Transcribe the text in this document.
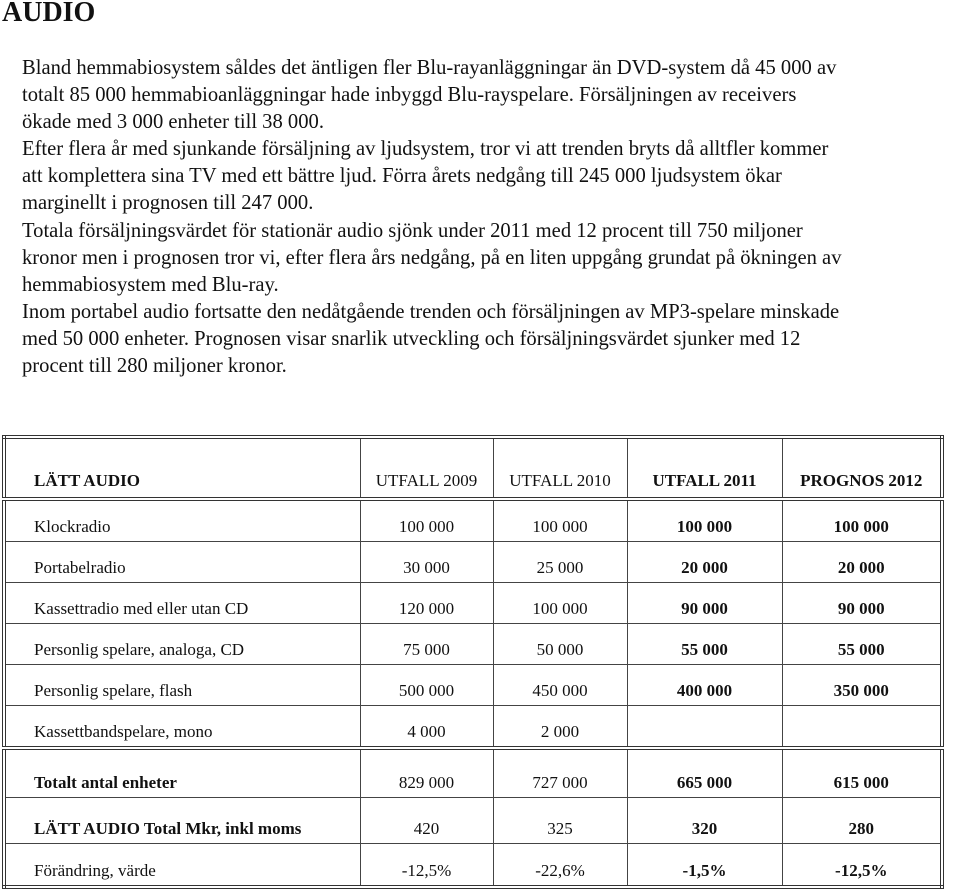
AUDIO
Bland hemmabiosystem såldes det äntligen fler Blu-rayanläggningar än DVD-system då 45 000 av
totalt 85 000 hemmabioanläggningar hade inbyggd Blu-rayspelare. Försäljningen av receivers
ökade med 3 000 enheter till 38 000.
Efter flera år med sjunkande försäljning av ljudsystem, tror vi att trenden bryts då alltfler kommer
att komplettera sina TV med ett bättre ljud. Förra årets nedgång till 245 000 ljudsystem ökar
marginellt i prognosen till 247 000.
Totala försäljningsvärdet för stationär audio sjönk under 2011 med 12 procent till 750 miljoner
kronor men i prognosen tror vi, efter flera års nedgång, på en liten uppgång grundat på ökningen av
hemmabiosystem med Blu-ray.
Inom portabel audio fortsatte den nedåtgående trenden och försäljningen av MP3-spelare minskade
med 50 000 enheter. Prognosen visar snarlik utveckling och försäljningsvärdet sjunker med 12
procent till 280 miljoner kronor.
LÄTT AUDIO	UTFALL 2009	UTFALL 2010	UTFALL 2011	PROGNOS 2012
Klockradio	100 000	100 000	100 000	100 000
Portabelradio	30 000	25 000	20 000	20 000
Kassettradio med eller utan CD	120 000	100 000	90 000	90 000
Personlig spelare, analoga, CD	75 000	50 000	55 000	55 000
Personlig spelare, flash	500 000	450 000	400 000	350 000
Kassettbandspelare, mono	4 000	2 000		
Totalt antal enheter	829 000	727 000	665 000	615 000
LÄTT AUDIO Total Mkr, inkl moms	420	325	320	280
Förändring, värde	-12,5%	-22,6%	-1,5%	-12,5%
